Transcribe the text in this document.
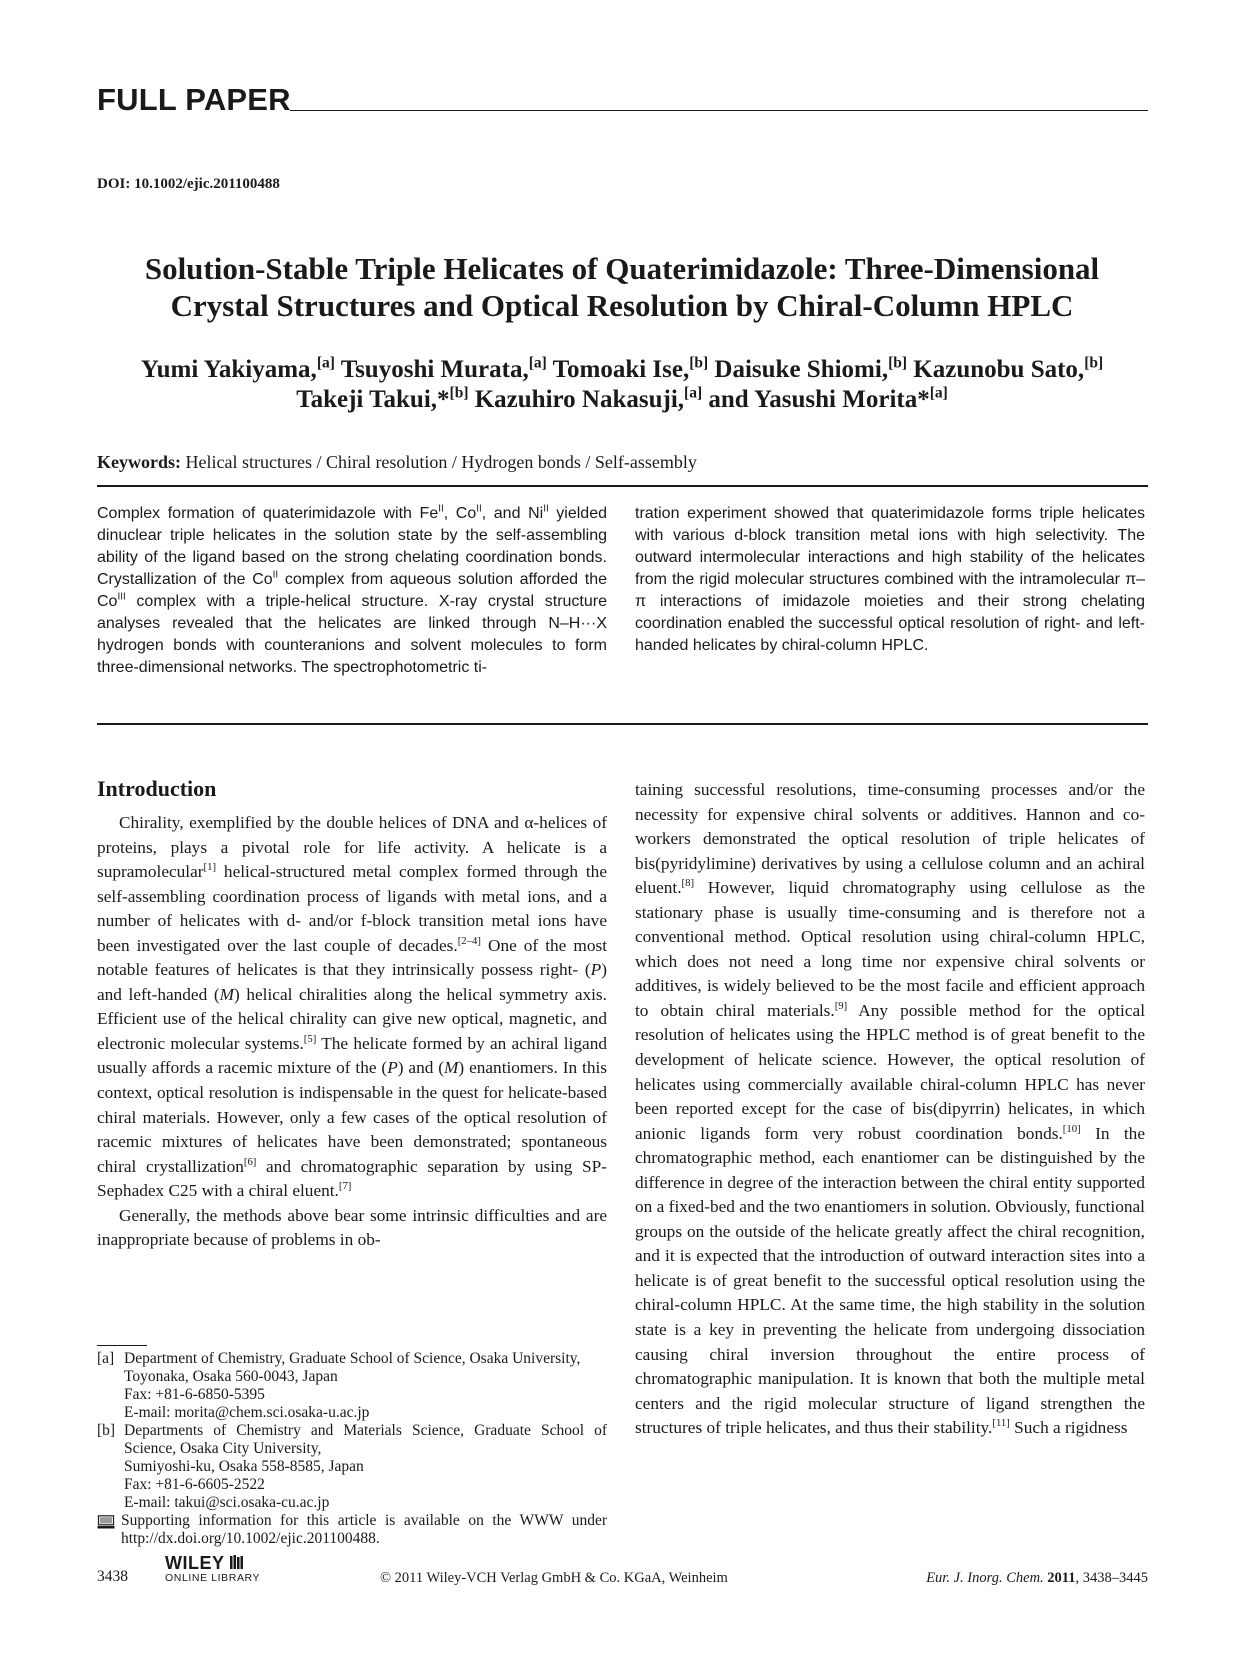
FULL PAPER
DOI: 10.1002/ejic.201100488
Solution-Stable Triple Helicates of Quaterimidazole: Three-Dimensional Crystal Structures and Optical Resolution by Chiral-Column HPLC
Yumi Yakiyama,[a] Tsuyoshi Murata,[a] Tomoaki Ise,[b] Daisuke Shiomi,[b] Kazunobu Sato,[b]
Takeji Takui,*[b] Kazuhiro Nakasuji,[a] and Yasushi Morita*[a]
Keywords: Helical structures / Chiral resolution / Hydrogen bonds / Self-assembly
Complex formation of quaterimidazole with $Fe^{II}$, $Co^{II}$, and $Ni^{II}$ yielded dinuclear triple helicates in the solution state by the self-assembling ability of the ligand based on the strong chelating coordination bonds. Crystallization of the $Co^{II}$ complex from aqueous solution afforded the $Co^{III}$ complex with a triple-helical structure. X-ray crystal structure analyses revealed that the helicates are linked through N–H···X hydrogen bonds with counteranions and solvent molecules to form three-dimensional networks. The spectrophotometric ti-
tration experiment showed that quaterimidazole forms triple helicates with various d-block transition metal ions with high selectivity. The outward intermolecular interactions and high stability of the helicates from the rigid molecular structures combined with the intramolecular π–π interactions of imidazole moieties and their strong chelating coordination enabled the successful optical resolution of right- and left-handed helicates by chiral-column HPLC.
Introduction

Chirality, exemplified by the double helices of DNA and α-helices of proteins, plays a pivotal role for life activity. A helicate is a supramolecular[1] helical-structured metal complex formed through the self-assembling coordination process of ligands with metal ions, and a number of helicates with d- and/or f-block transition metal ions have been investigated over the last couple of decades.[2–4] One of the most notable features of helicates is that they intrinsically possess right- (P) and left-handed (M) helical chiralities along the helical symmetry axis. Efficient use of the helical chirality can give new optical, magnetic, and electronic molecular systems.[5] The helicate formed by an achiral ligand usually affords a racemic mixture of the (P) and (M) enantiomers. In this context, optical resolution is indispensable in the quest for helicate-based chiral materials. However, only a few cases of the optical resolution of racemic mixtures of helicates have been demonstrated; spontaneous chiral crystallization[6] and chromatographic separation by using SP-Sephadex C25 with a chiral eluent.[7]

Generally, the methods above bear some intrinsic difficulties and are inappropriate because of problems in ob-

taining successful resolutions, time-consuming processes and/or the necessity for expensive chiral solvents or additives. Hannon and co-workers demonstrated the optical resolution of triple helicates of bis(pyridylimine) derivatives by using a cellulose column and an achiral eluent.[8] However, liquid chromatography using cellulose as the stationary phase is usually time-consuming and is therefore not a conventional method. Optical resolution using chiral-column HPLC, which does not need a long time nor expensive chiral solvents or additives, is widely believed to be the most facile and efficient approach to obtain chiral materials.[9] Any possible method for the optical resolution of helicates using the HPLC method is of great benefit to the development of helicate science. However, the optical resolution of helicates using commercially available chiral-column HPLC has never been reported except for the case of bis(dipyrrin) helicates, in which anionic ligands form very robust coordination bonds.[10] In the chromatographic method, each enantiomer can be distinguished by the difference in degree of the interaction between the chiral entity supported on a fixed-bed and the two enantiomers in solution. Obviously, functional groups on the outside of the helicate greatly affect the chiral recognition, and it is expected that the introduction of outward interaction sites into a helicate is of great benefit to the successful optical resolution using the chiral-column HPLC. At the same time, the high stability in the solution state is a key in preventing the helicate from undergoing dissociation causing chiral inversion throughout the entire process of chromatographic manipulation. It is known that both the multiple metal centers and the rigid molecular structure of ligand strengthen the structures of triple helicates, and thus their stability.[11] Such a rigidness

[a] Department of Chemistry, Graduate School of Science, Osaka University,
Toyonaka, Osaka 560-0043, Japan
Fax: +81-6-6850-5395
E-mail: morita@chem.sci.osaka-u.ac.jp
[b] Departments of Chemistry and Materials Science, Graduate School of Science, Osaka City University,
Sumiyoshi-ku, Osaka 558-8585, Japan
Fax: +81-6-6605-2522
E-mail: takui@sci.osaka-cu.ac.jp
Supporting information for this article is available on the WWW under http://dx.doi.org/10.1002/ejic.201100488.
3438
WILEY
ONLINE LIBRARY	© 2011 Wiley-VCH Verlag GmbH & Co. KGaA, Weinheim	Eur. J. Inorg. Chem. 2011, 3438–3445
